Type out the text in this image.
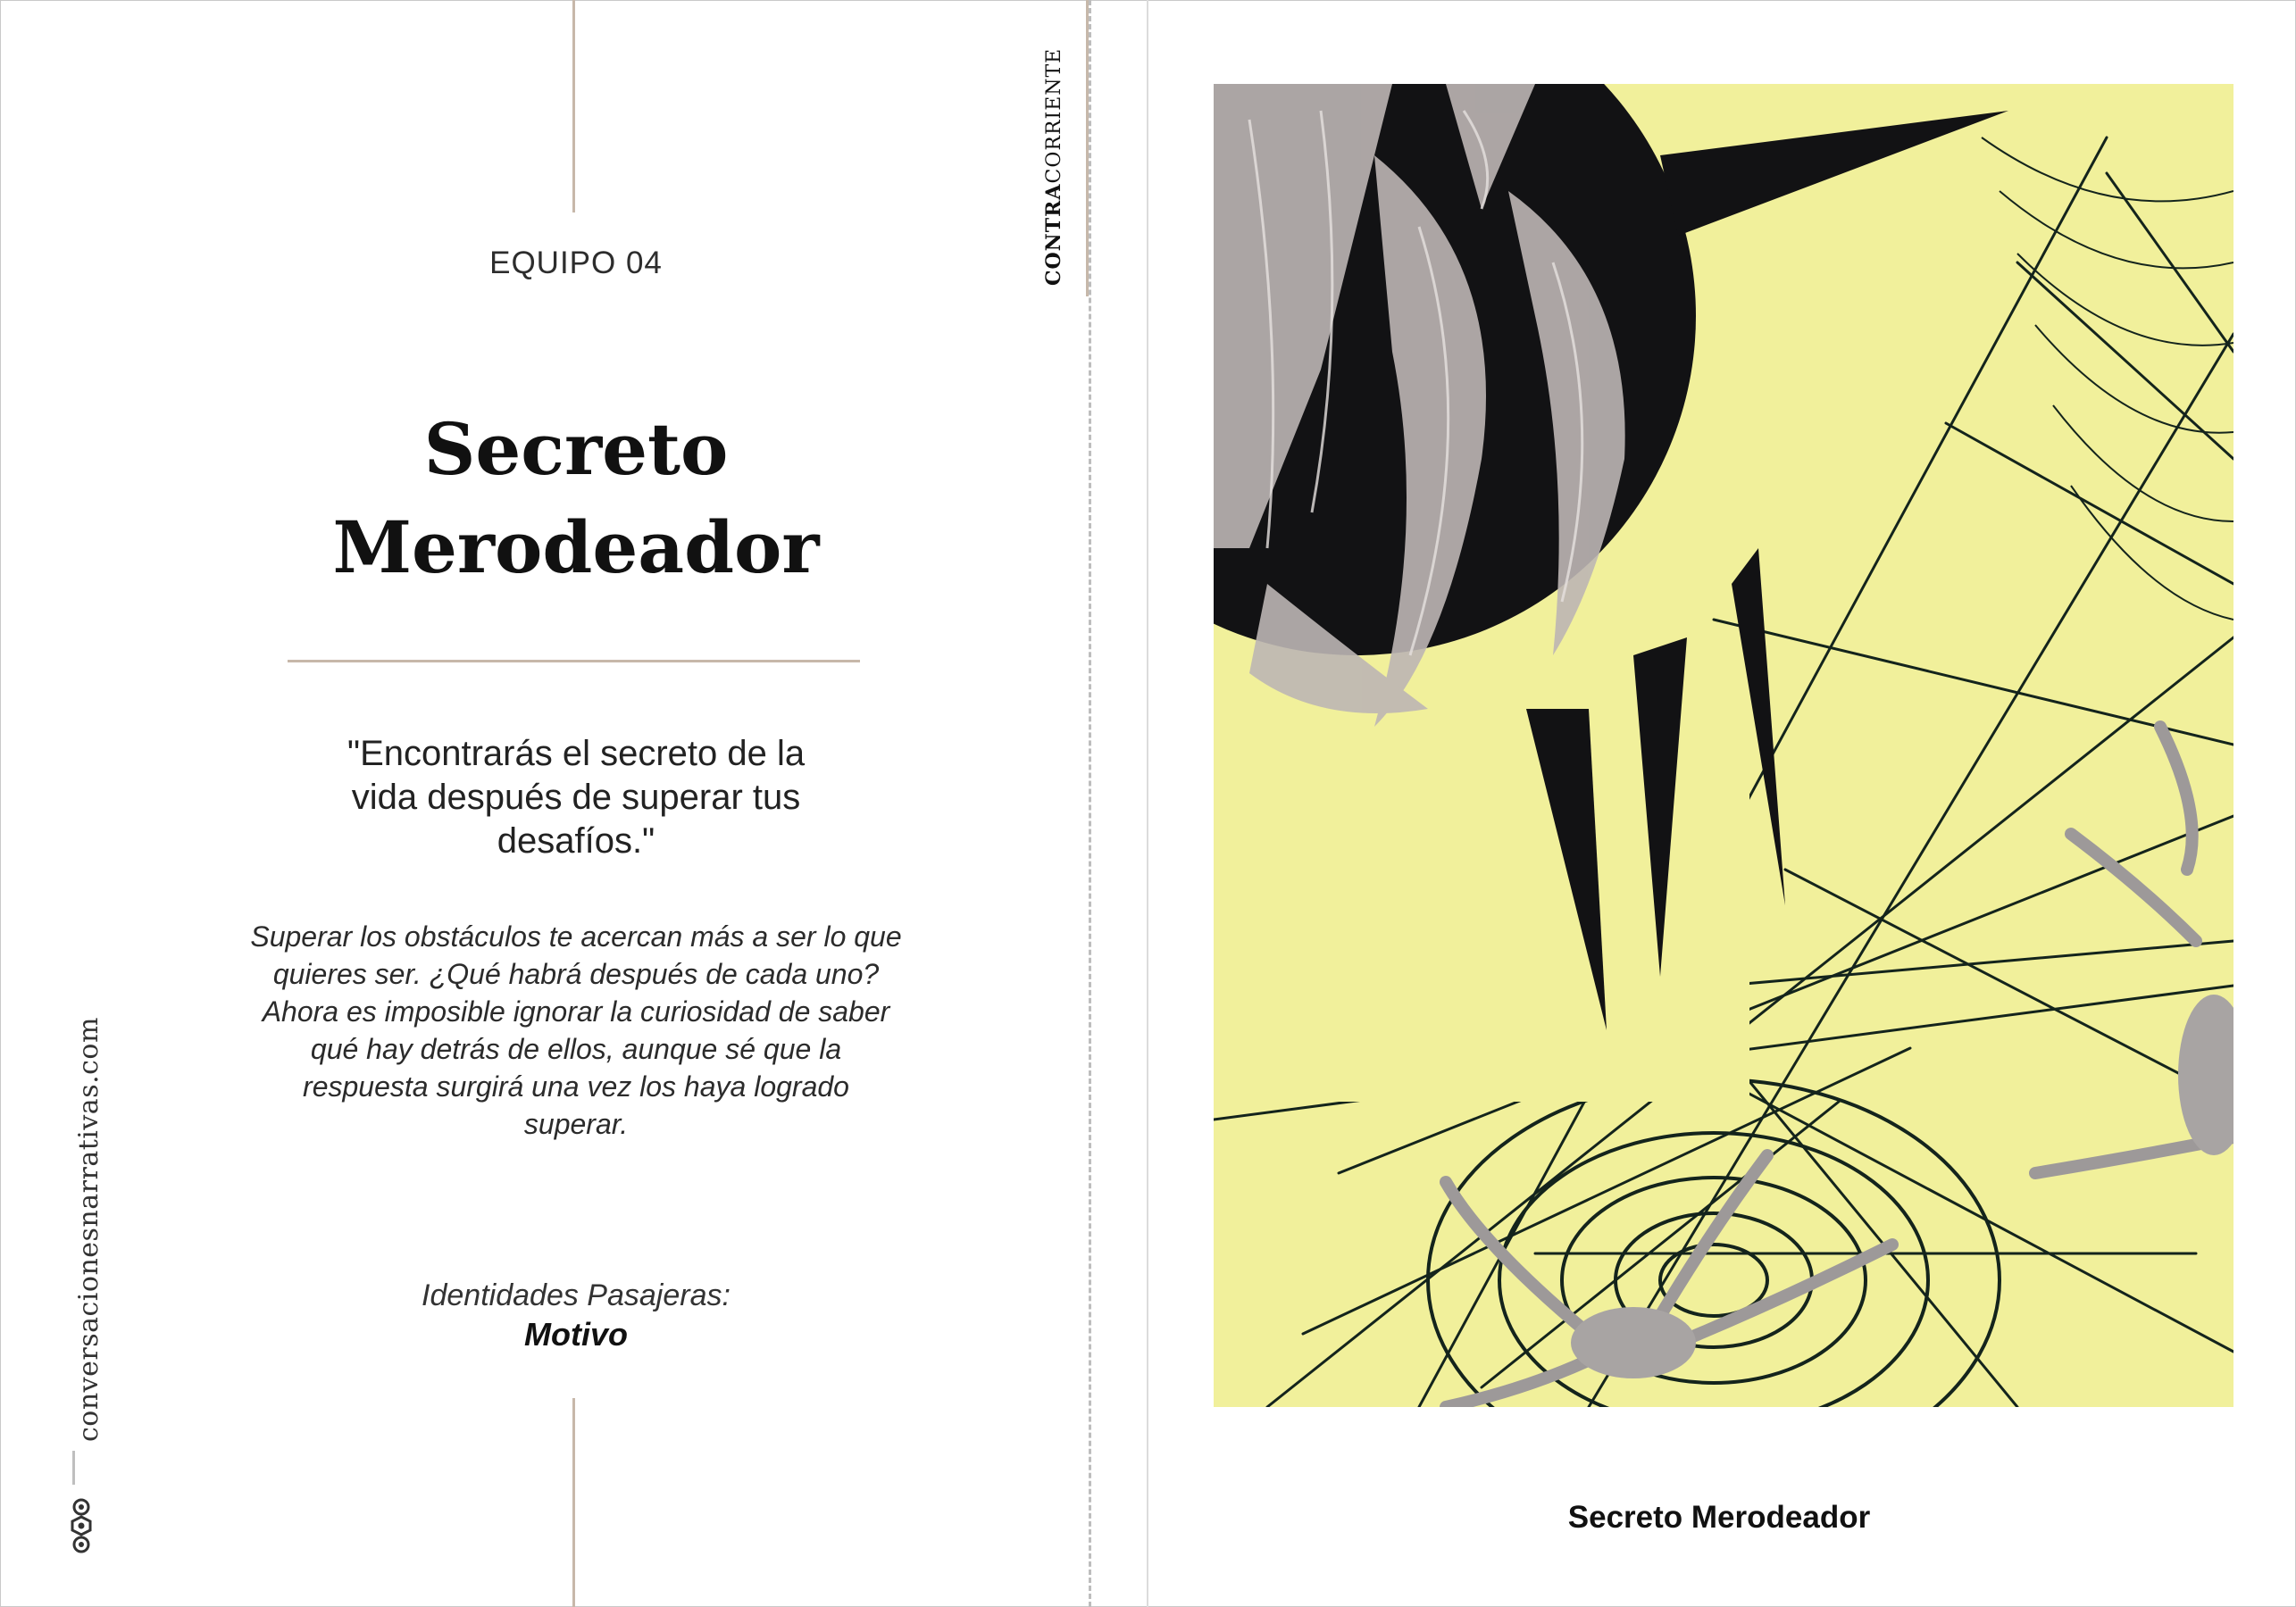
EQUIPO 04
Secreto
Merodeador
"Encontrarás el secreto de la
vida después de superar tus
desafíos."
Superar los obstáculos te acercan más a ser lo que
quieres ser. ¿Qué habrá después de cada uno?
Ahora es imposible ignorar la curiosidad de saber
qué hay detrás de ellos, aunque sé que la
respuesta surgirá una vez los haya logrado
superar.
Identidades Pasajeras:
Motivo
conversacionesnarrativas.com
CONTRACORRIENTE
Secreto Merodeador
